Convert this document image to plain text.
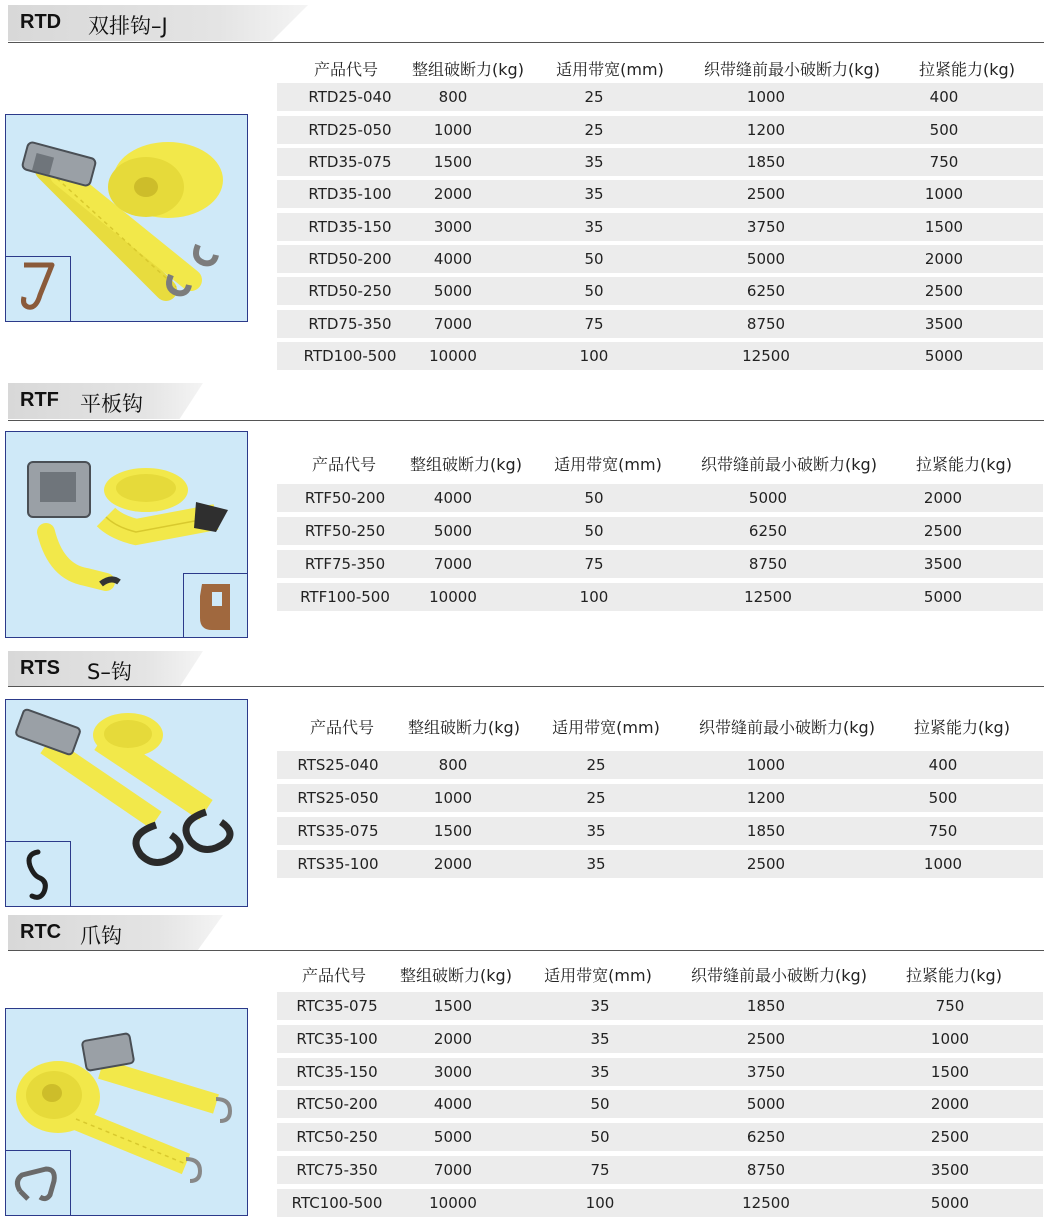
RTD 双排钩–J
产品代号 整组破断力(kg) 适用带宽(mm)	织带缝前最小破断力(kg) 拉紧能力(kg)
RTD25-040	800	25	1000	400
RTD25-050	1000	25	1200	500
RTD35-075	1500	35	1850	750
RTD35-100	2000	35	2500	1000
RTD35-150	3000	35	3750	1500
RTD50-200	4000	50	5000	2000
RTD50-250	5000	50	6250	2500
RTD75-350	7000	75	8750	3500
RTD100-500 10000	100	12500	5000
RTF 平板钩
产品代号 整组破断力(kg) 适用带宽(mm) 织带缝前最小破断力(kg) 拉紧能力(kg)
RTF50-200	4000	50	5000	2000
RTF50-250	5000	50	6250	2500
RTF75-350	7000	75	8750	3500
RTF100-500	10000	100	12500	5000
RTS S–钩
产品代号 整组破断力(kg) 适用带宽(mm) 织带缝前最小破断力(kg) 拉紧能力(kg)
RTS25-040	800	25	1000	400
RTS25-050	1000	25	1200	500
RTS35-075	1500	35	1850	750
RTS35-100	2000	35	2500	1000
RTC 爪钩
产品代号 整组破断力(kg) 适用带宽(mm) 织带缝前最小破断力(kg) 拉紧能力(kg)
RTC35-075	1500	35	1850	750
RTC35-100	2000	35	2500	1000
RTC35-150	3000	35	3750	1500
RTC50-200	4000	50	5000	2000
RTC50-250	5000	50	6250	2500
RTC75-350	7000	75	8750	3500
RTC100-500	10000	100	12500	5000
